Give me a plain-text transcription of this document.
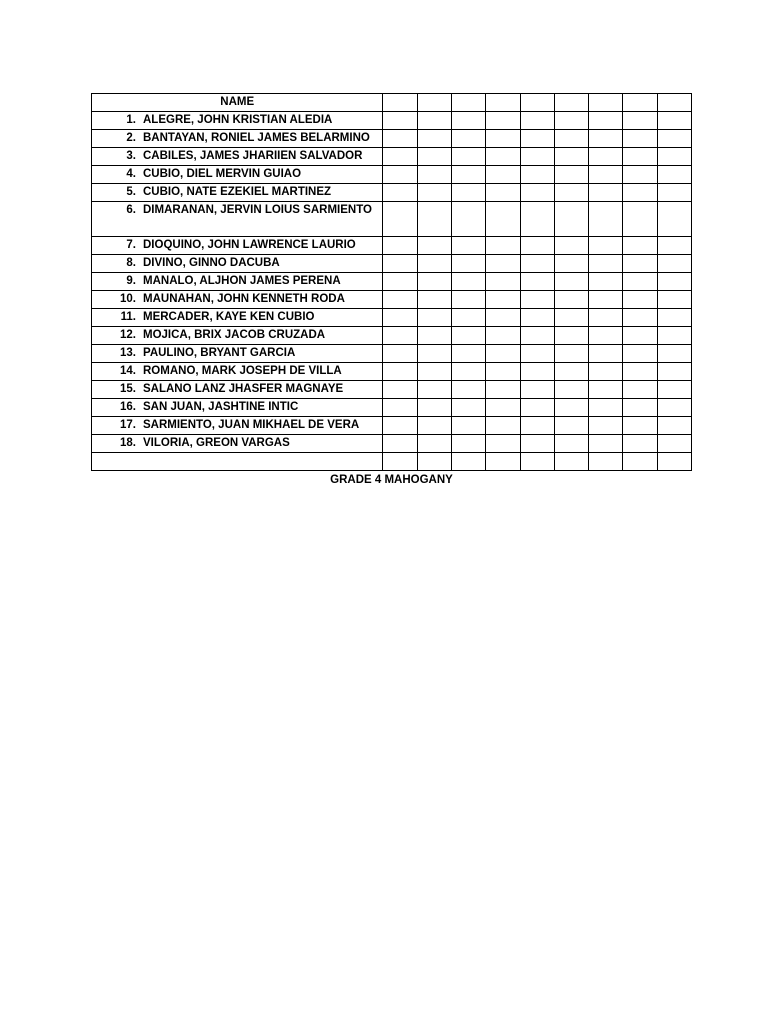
NAME									

1. ALEGRE, JOHN KRISTIAN ALEDIA									

2. BANTAYAN, RONIEL JAMES BELARMINO									

3. CABILES, JAMES JHARIIEN SALVADOR									

4. CUBIO, DIEL MERVIN GUIAO									

5. CUBIO, NATE EZEKIEL MARTINEZ									

6. DIMARANAN, JERVIN LOIUS SARMIENTO									

7. DIOQUINO, JOHN LAWRENCE LAURIO									

8. DIVINO, GINNO DACUBA									

9. MANALO, ALJHON JAMES PERENA									

10. MAUNAHAN, JOHN KENNETH RODA									

11. MERCADER, KAYE KEN CUBIO									

12. MOJICA, BRIX JACOB CRUZADA									

13. PAULINO, BRYANT GARCIA									

14. ROMANO, MARK JOSEPH DE VILLA									

15. SALANO LANZ JHASFER MAGNAYE									

16. SAN JUAN, JASHTINE INTIC									

17. SARMIENTO, JUAN MIKHAEL DE VERA									

18. VILORIA, GREON VARGAS									

GRADE 4 MAHOGANY
